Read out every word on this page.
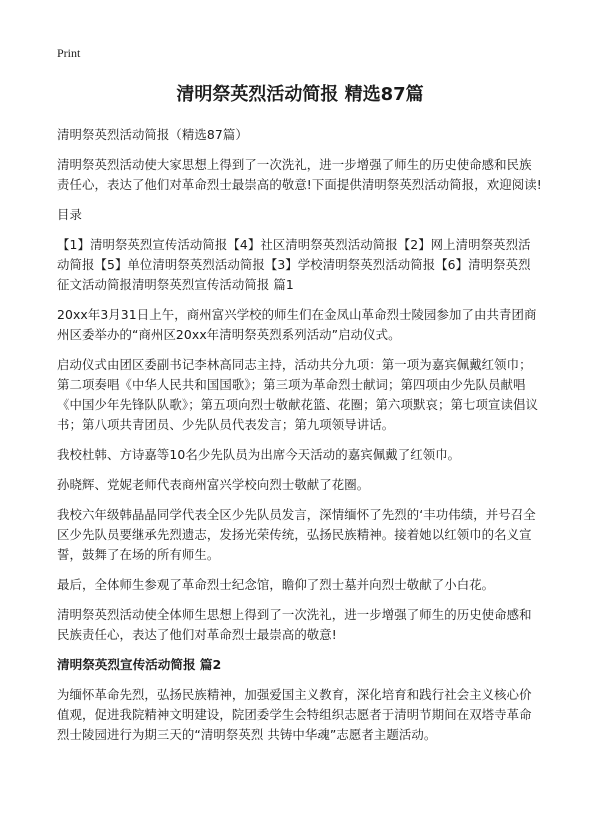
Print
清明祭英烈活动简报 精选87篇

清明祭英烈活动简报（精选87篇）

清明祭英烈活动使大家思想上得到了一次洗礼，进一步增强了师生的历史使命感和民族责任心，表达了他们对革命烈士最崇高的敬意!下面提供清明祭英烈活动简报，欢迎阅读!

目录

【1】清明祭英烈宣传活动简报【4】社区清明祭英烈活动简报【2】网上清明祭英烈活动简报【5】单位清明祭英烈活动简报【3】学校清明祭英烈活动简报【6】清明祭英烈征文活动简报清明祭英烈宣传活动简报 篇1

20xx年3月31日上午，商州富兴学校的师生们在金凤山革命烈士陵园参加了由共青团商州区委举办的“商州区20xx年清明祭英烈系列活动”启动仪式。

启动仪式由团区委副书记李林高同志主持，活动共分九项：第一项为嘉宾佩戴红领巾；第二项奏唱《中华人民共和国国歌》；第三项为革命烈士献词；第四项由少先队员献唱《中国少年先锋队队歌》；第五项向烈士敬献花篮、花圈；第六项默哀；第七项宣读倡议书；第八项共青团员、少先队员代表发言；第九项领导讲话。

我校杜韩、方诗嘉等10名少先队员为出席今天活动的嘉宾佩戴了红领巾。

孙晓辉、党妮老师代表商州富兴学校向烈士敬献了花圈。

我校六年级韩晶晶同学代表全区少先队员发言，深情缅怀了先烈的‘丰功伟绩，并号召全区少先队员要继承先烈遗志，发扬光荣传统，弘扬民族精神。接着她以红领巾的名义宣誓，鼓舞了在场的所有师生。

最后，全体师生参观了革命烈士纪念馆，瞻仰了烈士墓并向烈士敬献了小白花。

清明祭英烈活动使全体师生思想上得到了一次洗礼，进一步增强了师生的历史使命感和民族责任心，表达了他们对革命烈士最崇高的敬意!

清明祭英烈宣传活动简报 篇2

为缅怀革命先烈，弘扬民族精神，加强爱国主义教育，深化培育和践行社会主义核心价值观，促进我院精神文明建设，院团委学生会特组织志愿者于清明节期间在双塔寺革命烈士陵园进行为期三天的“清明祭英烈 共铸中华魂”志愿者主题活动。
